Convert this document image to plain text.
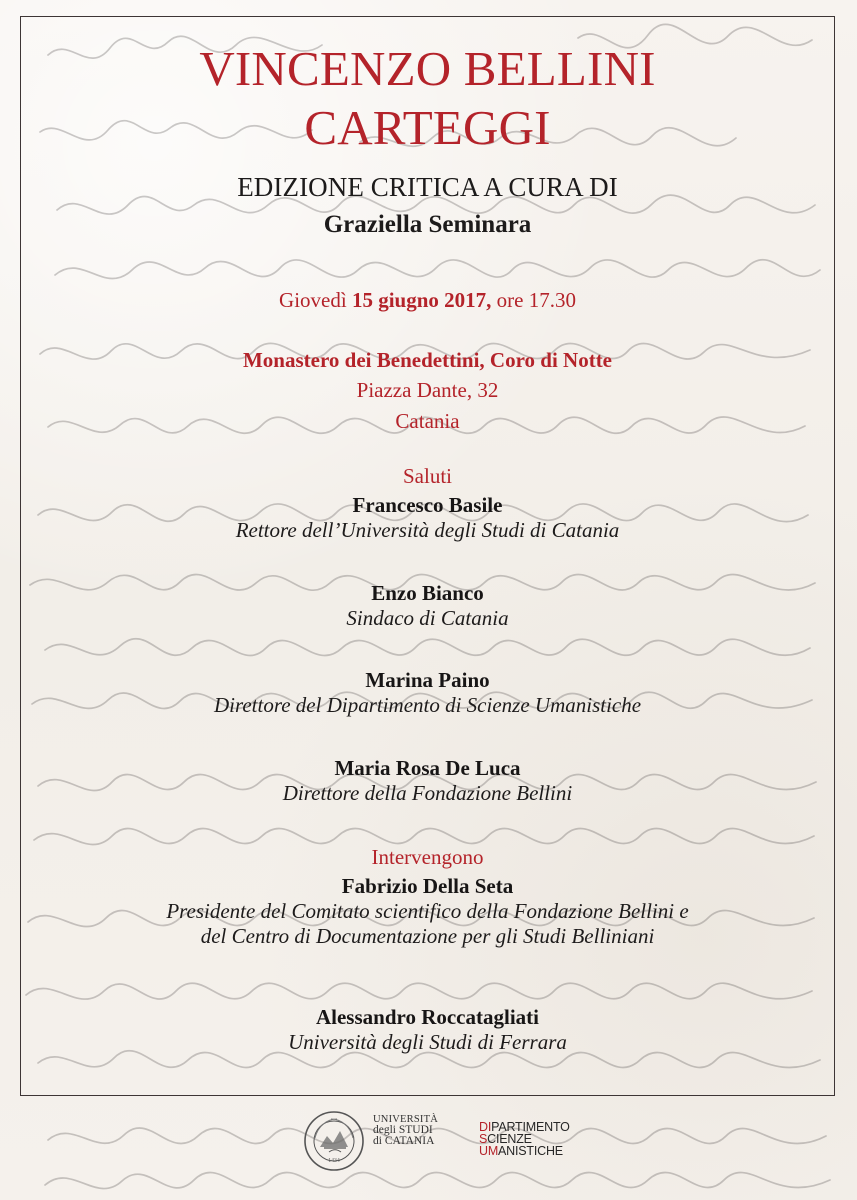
VINCENZO BELLINI
CARTEGGI
EDIZIONE CRITICA A CURA DI
Graziella Seminara
Giovedì 15 giugno 2017, ore 17.30
Monastero dei Benedettini, Coro di Notte
Piazza Dante, 32
Catania
Saluti
Francesco Basile
Rettore dell’Università degli Studi di Catania
Enzo Bianco
Sindaco di Catania
Marina Paino
Direttore del Dipartimento di Scienze Umanistiche
Maria Rosa De Luca
Direttore della Fondazione Bellini
Intervengono
Fabrizio Della Seta
Presidente del Comitato scientifico della Fondazione Bellini e
del Centro di Documentazione per gli Studi Belliniani
Alessandro Roccatagliati
Università degli Studi di Ferrara
1434
UNIVERSITÀ
degli STUDI
di CATANIA
DIPARTIMENTO
SCIENZE
UMANISTICHE
